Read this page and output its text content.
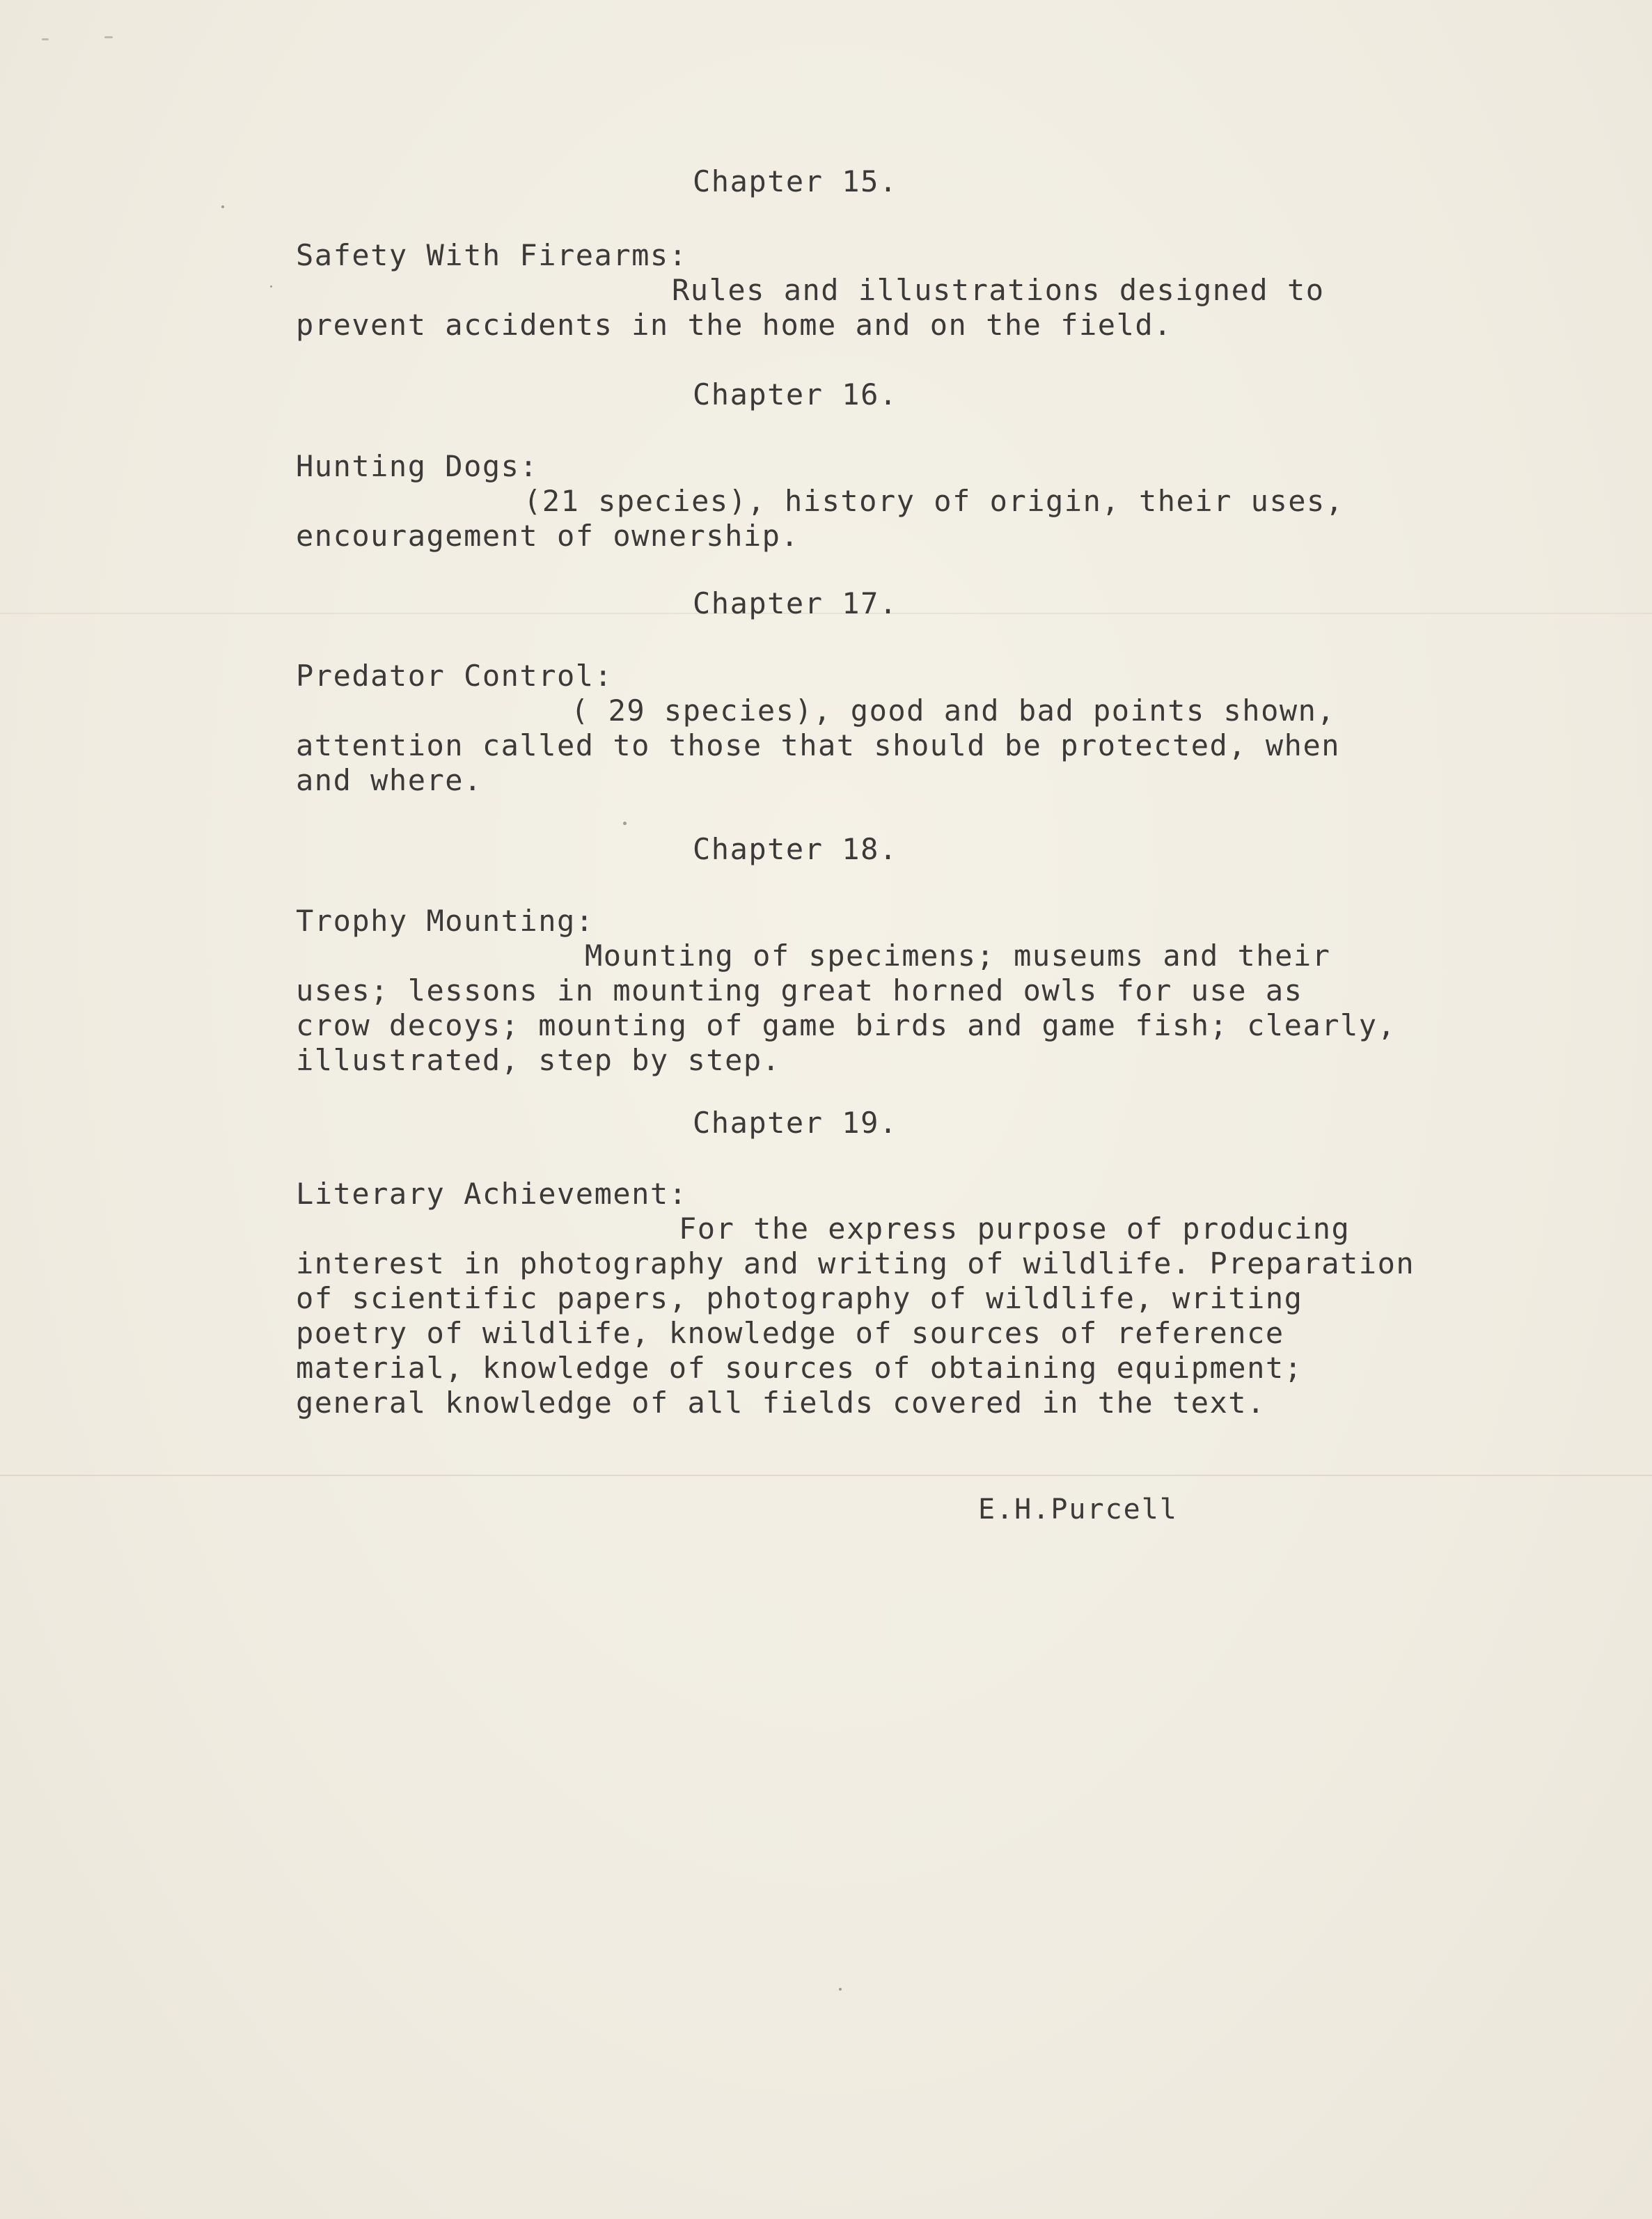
Chapter 15.
Safety With Firearms:
Rules and illustrations designed to
prevent accidents in the home and on the field.
Chapter 16.
Hunting Dogs:
(21 species), history of origin, their uses,
encouragement of ownership.
Chapter 17.
Predator Control:
( 29 species), good and bad points shown,
attention called to those that should be protected, when
and where.
Chapter 18.
Trophy Mounting:
Mounting of specimens; museums and their
uses; lessons in mounting great horned owls for use as
crow decoys; mounting of game birds and game fish; clearly,
illustrated, step by step.
Chapter 19.
Literary Achievement:
For the express purpose of producing
interest in photography and writing of wildlife. Preparation
of scientific papers, photography of wildlife, writing
poetry of wildlife, knowledge of sources of reference
material, knowledge of sources of obtaining equipment;
general knowledge of all fields covered in the text.
E.H.Purcell
